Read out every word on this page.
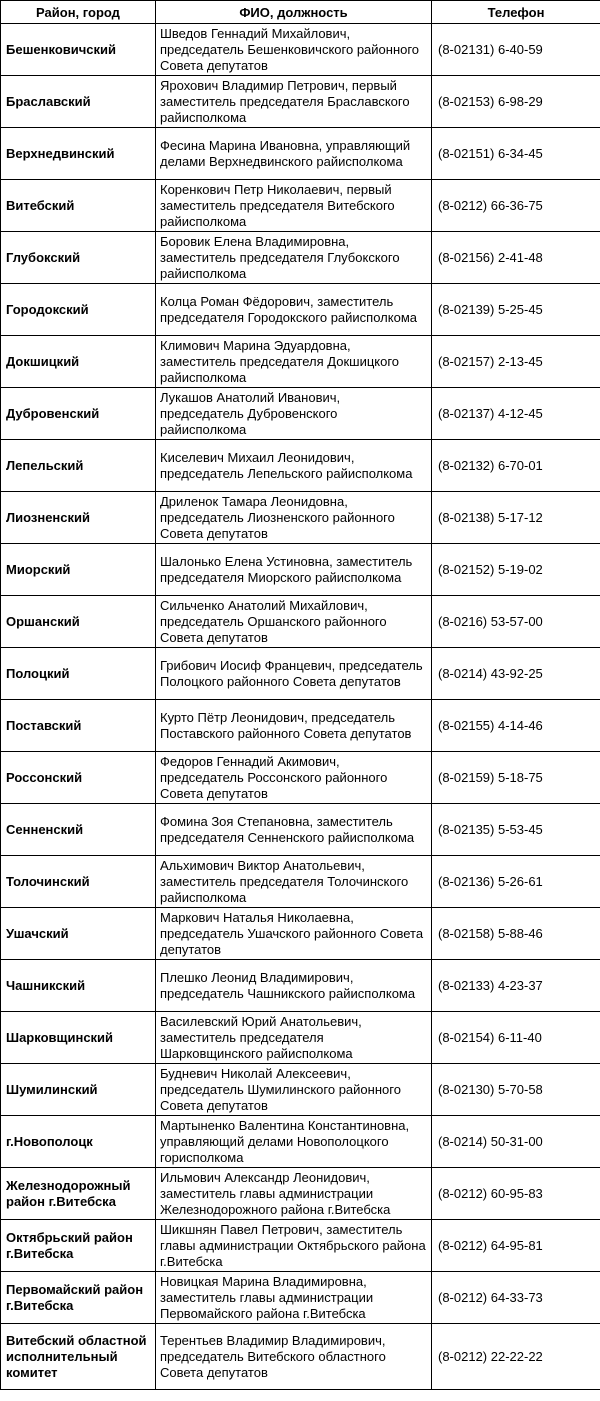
Район, город	ФИО, должность	Телефон
Бешенковичский	Шведов Геннадий Михайлович, председатель Бешенковичского районного Совета депутатов	(8-02131) 6-40-59
Браславский	Ярохович Владимир Петрович, первый заместитель председателя Браславского райисполкома	(8-02153) 6-98-29
Верхнедвинский	Фесина Марина Ивановна, управляющий делами Верхнедвинского райисполкома	(8-02151) 6-34-45
Витебский	Коренкович Петр Николаевич, первый заместитель председателя Витебского райисполкома	(8-0212) 66-36-75
Глубокский	Боровик Елена Владимировна, заместитель председателя Глубокского райисполкома	(8-02156) 2-41-48
Городокский	Колца Роман Фёдорович, заместитель председателя Городокского райисполкома	(8-02139) 5-25-45
Докшицкий	Климович Марина Эдуардовна, заместитель председателя Докшицкого райисполкома	(8-02157) 2-13-45
Дубровенский	Лукашов Анатолий Иванович, председатель Дубровенского райисполкома	(8-02137) 4-12-45
Лепельский	Киселевич Михаил Леонидович, председатель Лепельского райисполкома	(8-02132) 6-70-01
Лиозненский	Дриленок Тамара Леонидовна, председатель Лиозненского районного Совета депутатов	(8-02138) 5-17-12
Миорский	Шалонько Елена Устиновна, заместитель председателя Миорского райисполкома	(8-02152) 5-19-02
Оршанский	Сильченко Анатолий Михайлович, председатель Оршанского районного Совета депутатов	(8-0216) 53-57-00
Полоцкий	Грибович Иосиф Францевич, председатель Полоцкого районного Совета депутатов	(8-0214) 43-92-25
Поставский	Курто Пётр Леонидович, председатель Поставского районного Совета депутатов	(8-02155) 4-14-46
Россонский	Федоров Геннадий Акимович, председатель Россонского районного Совета депутатов	(8-02159) 5-18-75
Сенненский	Фомина Зоя Степановна, заместитель председателя Сенненского райисполкома	(8-02135) 5-53-45
Толочинский	Альхимович Виктор Анатольевич, заместитель председателя Толочинского райисполкома	(8-02136) 5-26-61
Ушачский	Маркович Наталья Николаевна, председатель Ушачского районного Совета депутатов	(8-02158) 5-88-46
Чашникский	Плешко Леонид Владимирович, председатель Чашникского райисполкома	(8-02133) 4-23-37
Шарковщинский	Василевский Юрий Анатольевич, заместитель председателя Шарковщинского райисполкома	(8-02154) 6-11-40
Шумилинский	Будневич Николай Алексеевич, председатель Шумилинского районного Совета депутатов	(8-02130) 5-70-58
г.Новополоцк	Мартыненко Валентина Константиновна, управляющий делами Новополоцкого горисполкома	(8-0214) 50-31-00
Железнодорожный район г.Витебска	Ильмович Александр Леонидович, заместитель главы администрации Железнодорожного района г.Витебска	(8-0212) 60-95-83
Октябрьский район г.Витебска	Шикшнян Павел Петрович, заместитель главы администрации Октябрьского района г.Витебска	(8-0212) 64-95-81
Первомайский район г.Витебска	Новицкая Марина Владимировна, заместитель главы администрации Первомайского района г.Витебска	(8-0212) 64-33-73
Витебский областной исполнительный комитет	Терентьев Владимир Владимирович, председатель Витебского областного Совета депутатов	(8-0212) 22-22-22
